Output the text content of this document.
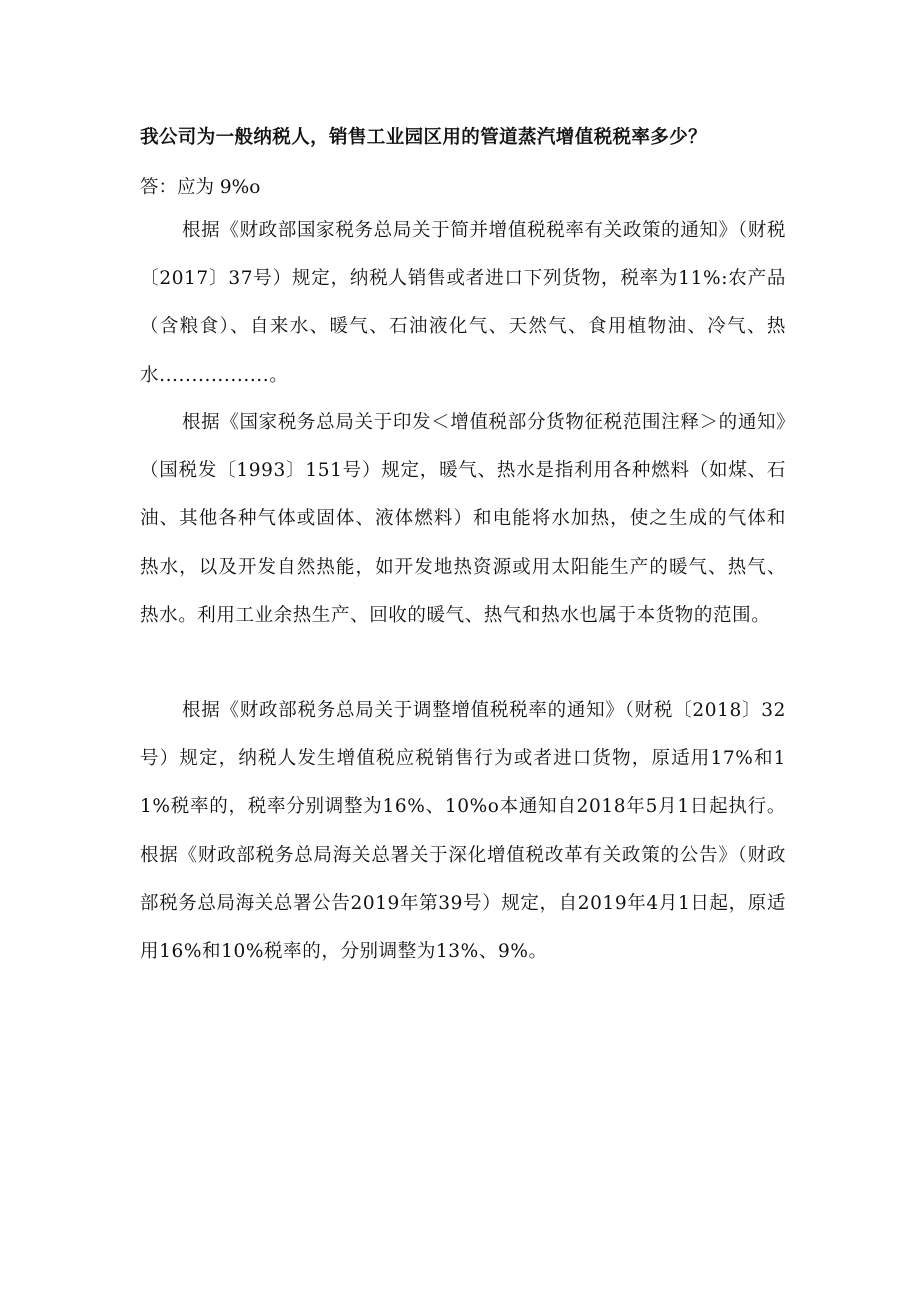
我公司为一般纳税人，销售工业园区用的管道蒸汽增值税税率多少？
答：应为 9%o

根据《财政部国家税务总局关于简并增值税税率有关政策的通知》（财税〔2017〕37号）规定，纳税人销售或者进口下列货物，税率为11%:农产品（含粮食）、自来水、暖气、石油液化气、天然气、食用植物油、冷气、热水.................。

根据《国家税务总局关于印发＜增值税部分货物征税范围注释＞的通知》（国税发〔1993〕151号）规定，暖气、热水是指利用各种燃料（如煤、石油、其他各种气体或固体、液体燃料）和电能将水加热，使之生成的气体和热水，以及开发自然热能，如开发地热资源或用太阳能生产的暖气、热气、热水。利用工业余热生产、回收的暖气、热气和热水也属于本货物的范围。

根据《财政部税务总局关于调整增值税税率的通知》（财税〔2018〕32号）规定，纳税人发生增值税应税销售行为或者进口货物，原适用17%和11%税率的，税率分别调整为16%、10%o本通知自2018年5月1日起执行。根据《财政部税务总局海关总署关于深化增值税改革有关政策的公告》（财政部税务总局海关总署公告2019年第39号）规定，自2019年4月1日起，原适用16%和10%税率的，分别调整为13%、9%。
